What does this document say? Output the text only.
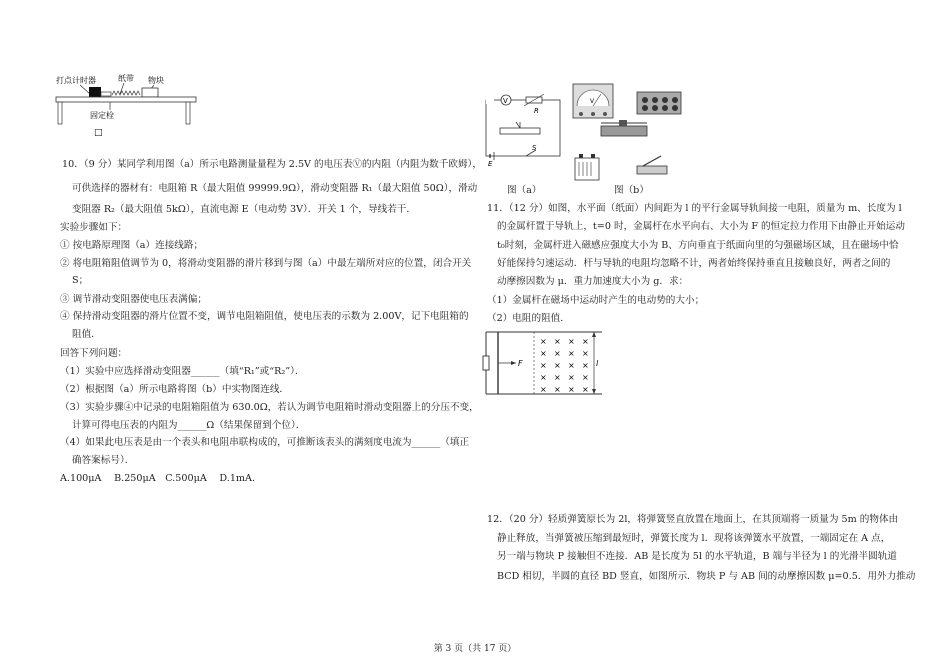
打点计时器	纸带 物块
固定栓
□
10．（9 分）某同学利用图（a）所示电路测量量程为 2.5V 的电压表Ⓥ的内阻（内阻为数千欧姆），
可供选择的器材有：电阻箱 R（最大阻值 99999.9Ω），滑动变阻器 R₁（最大阻值 50Ω），滑动
变阻器 R₂（最大阻值 5kΩ），直流电源 E（电动势 3V）．开关 1 个，导线若干．
实验步骤如下：
① 按电路原理图（a）连接线路；
② 将电阻箱阻值调节为 0，将滑动变阻器的滑片移到与图（a）中最左端所对应的位置，闭合开关
S；
③ 调节滑动变阻器使电压表满偏；
④ 保持滑动变阻器的滑片位置不变，调节电阻箱阻值，使电压表的示数为 2.00V，记下电阻箱的
阻值．
回答下列问题：
（1）实验中应选择滑动变阻器______（填“R₁”或“R₂”）．
（2）根据图（a）所示电路将图（b）中实物图连线．
（3）实验步骤④中记录的电阻箱阻值为 630.0Ω，若认为调节电阻箱时滑动变阻器上的分压不变，
计算可得电压表的内阻为______Ω（结果保留到个位）．
（4）如果此电压表是由一个表头和电阻串联构成的，可推断该表头的满刻度电流为______（填正
确答案标号）．
A.100μA　 B.250μA　C.500μA　 D.1mA．
V
R
E
S
V
图（a）	图（b）
11．（12 分）如图，水平面（纸面）内间距为 l 的平行金属导轨间接一电阻，质量为 m、长度为 l
的金属杆置于导轨上，t=0 时，金属杆在水平向右、大小为 F 的恒定拉力作用下由静止开始运动
t₀时刻，金属杆进入磁感应强度大小为 B、方向垂直于纸面向里的匀强磁场区域，且在磁场中恰
好能保持匀速运动．杆与导轨的电阻均忽略不计，两者始终保持垂直且接触良好，两者之间的
动摩擦因数为 μ．重力加速度大小为 g．求：
（1）金属杆在磁场中运动时产生的电动势的大小；
（2）电阻的阻值．
F
× × × ×
× × × ×
× × × ×
× × × ×
× × × ×
l
12．（20 分）轻质弹簧原长为 2l，将弹簧竖直放置在地面上，在其顶端将一质量为 5m 的物体由
静止释放，当弹簧被压缩到最短时，弹簧长度为 l．现将该弹簧水平放置，一端固定在 A 点，
另一端与物块 P 接触但不连接．AB 是长度为 5l 的水平轨道，B 端与半径为 l 的光滑半圆轨道
BCD 相切，半圆的直径 BD 竖直，如图所示．物块 P 与 AB 间的动摩擦因数 μ=0.5．用外力推动
第 3 页（共 17 页）
